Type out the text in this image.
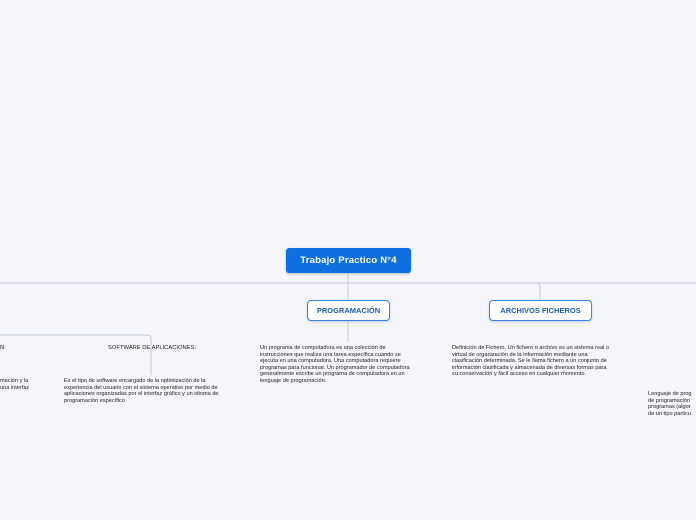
Trabajo Practico N°4
PROGRAMACIÓN	ARCHIVOS FICHEROS
N:
mación y la
una interfaz
SOFTWARE DE APLICACIONES:
Es el tipo de software encargado de la optimización de la
experiencia del usuario con el sistema operativo por medio de
aplicaciones organizadas por el interfaz gráfico y un idioma de
programación específico
Un programa de computadora es una colección de
instrucciones que realiza una tarea específica cuando se
ejecuta en una computadora. Una computadora requiere
programas para funcionar. Un programador de computadora
generalmente escribe un programa de computadora en un
lenguaje de programación.
Definición de Fichero. Un fichero o archivo es un sistema real o
virtual de organización de la información mediante una
clasificación determinada. Se le llama fichero a un conjunto de
información clasificada y almacenada de diversas formas para
su conservación y fácil acceso en cualquier momento.
Lenguaje de prog
de programación
programas (algor
de un tipo particu
